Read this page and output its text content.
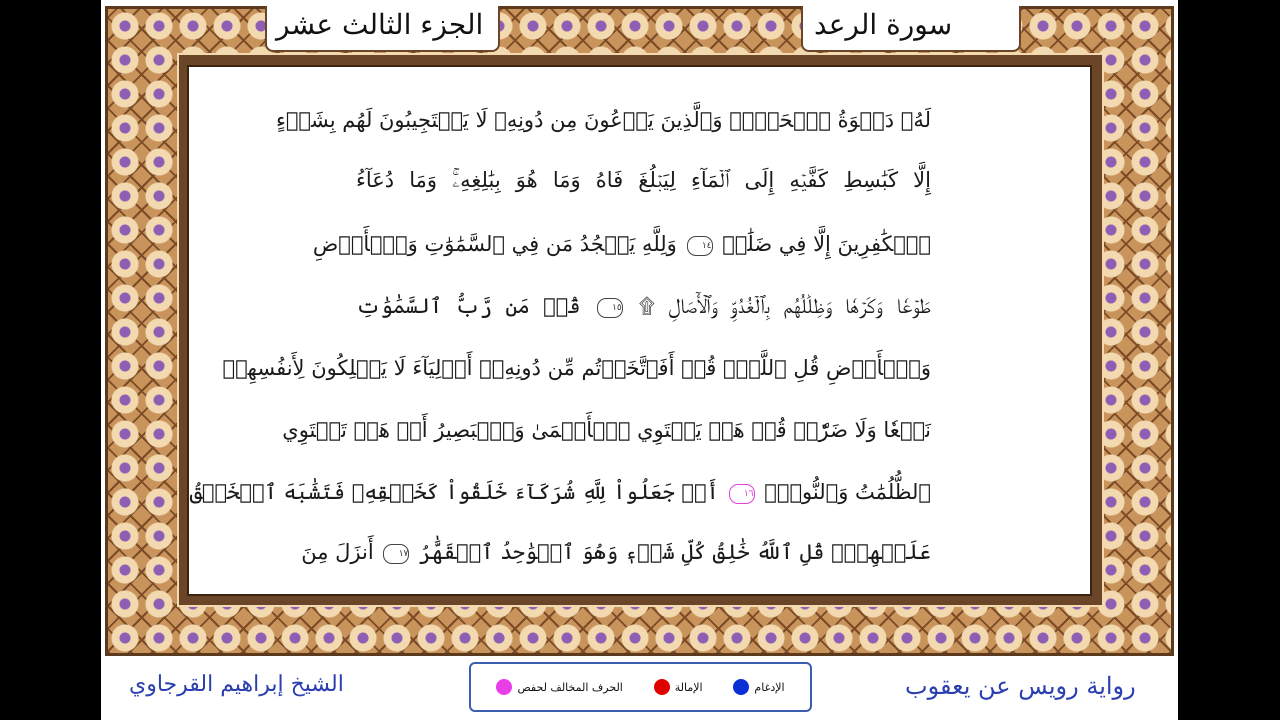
الجزء الثالث عشر	سورة الرعد
لَهُۥ دَعۡوَةُ ٱلۡحَقِّۚ وَٱلَّذِينَ يَدۡعُونَ مِن دُونِهِۦ لَا يَسۡتَجِيبُونَ لَهُم بِشَيۡءٍ
إِلَّا كَبَٰسِطِ كَفَّيۡهِ إِلَى ٱلۡمَآءِ لِيَبۡلُغَ فَاهُ وَمَا هُوَ بِبَٰلِغِهِۦۚ وَمَا دُعَآءُ
ٱلۡكَٰفِرِينَ إِلَّا فِي ضَلَٰلٖ ١٤ وَلِلَّهِ يَسۡجُدُ مَن فِي ٱلسَّمَٰوَٰتِ وَٱلۡأَرۡضِ
طَوۡعٗا وَكَرۡهٗا وَظِلَٰلُهُم بِٱلۡغُدُوِّ وَٱلۡأٓصَالِ ۩ ١٥ قُلۡ مَن رَّبُّ ٱلسَّمَٰوَٰتِ
وَٱلۡأَرۡضِ قُلِ ٱللَّهُۚ قُلۡ أَفَٱتَّخَذۡتُم مِّن دُونِهِۦٓ أَوۡلِيَآءَ لَا يَمۡلِكُونَ لِأَنفُسِهِمۡ
نَفۡعٗا وَلَا ضَرّٗاۚ قُلۡ هَلۡ يَسۡتَوِي ٱلۡأَعۡمَىٰ وَٱلۡبَصِيرُ أَمۡ هَلۡ تَسۡتَوِي
ٱلظُّلُمَٰتُ وَٱلنُّورُۗ ١٦ أَمۡ جَعَلُواْ لِلَّهِ شُرَكَآءَ خَلَقُواْ كَخَلۡقِهِۦ فَتَشَٰبَهَ ٱلۡخَلۡقُ
عَلَيۡهِمۡۚ قُلِ ٱللَّهُ خَٰلِقُ كُلِّ شَيۡءٖ وَهُوَ ٱلۡوَٰحِدُ ٱلۡقَهَّٰرُ ١٧ أَنزَلَ مِنَ
الشيخ إبراهيم القرجاوي	الحرف المخالف لحفص	الإمالة	الإدغام	رواية رويس عن يعقوب
